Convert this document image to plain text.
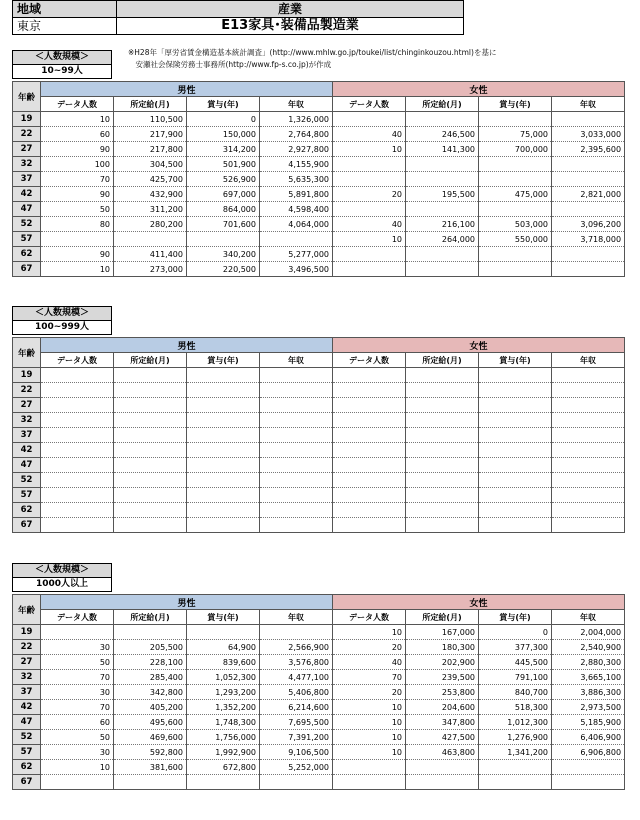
地域	産業
東京	E13家具･装備品製造業
※H28年「厚労省賃金構造基本統計調査」(http://www.mhlw.go.jp/toukei/list/chinginkouzou.html)を基に
　安瀬社会保険労務士事務所(http://www.fp-s.co.jp)が作成
＜人数規模＞
10~99人
年齢	男性				女性			
	データ人数	所定給(月)	賞与(年)	年収	データ人数	所定給(月)	賞与(年)	年収
19	10	110,500	0	1,326,000				
22	60	217,900	150,000	2,764,800	40	246,500	75,000	3,033,000
27	90	217,800	314,200	2,927,800	10	141,300	700,000	2,395,600
32	100	304,500	501,900	4,155,900				
37	70	425,700	526,900	5,635,300				
42	90	432,900	697,000	5,891,800	20	195,500	475,000	2,821,000
47	50	311,200	864,000	4,598,400				
52	80	280,200	701,600	4,064,000	40	216,100	503,000	3,096,200
57					10	264,000	550,000	3,718,000
62	90	411,400	340,200	5,277,000				
67	10	273,000	220,500	3,496,500				
＜人数規模＞
100~999人
年齢	男性				女性			
	データ人数	所定給(月)	賞与(年)	年収	データ人数	所定給(月)	賞与(年)	年収
19								
22								
27								
32								
37								
42								
47								
52								
57								
62								
67								
＜人数規模＞
1000人以上
年齢	男性				女性			
	データ人数	所定給(月)	賞与(年)	年収	データ人数	所定給(月)	賞与(年)	年収
19					10	167,000	0	2,004,000
22	30	205,500	64,900	2,566,900	20	180,300	377,300	2,540,900
27	50	228,100	839,600	3,576,800	40	202,900	445,500	2,880,300
32	70	285,400	1,052,300	4,477,100	70	239,500	791,100	3,665,100
37	30	342,800	1,293,200	5,406,800	20	253,800	840,700	3,886,300
42	70	405,200	1,352,200	6,214,600	10	204,600	518,300	2,973,500
47	60	495,600	1,748,300	7,695,500	10	347,800	1,012,300	5,185,900
52	50	469,600	1,756,000	7,391,200	10	427,500	1,276,900	6,406,900
57	30	592,800	1,992,900	9,106,500	10	463,800	1,341,200	6,906,800
62	10	381,600	672,800	5,252,000				
67								
